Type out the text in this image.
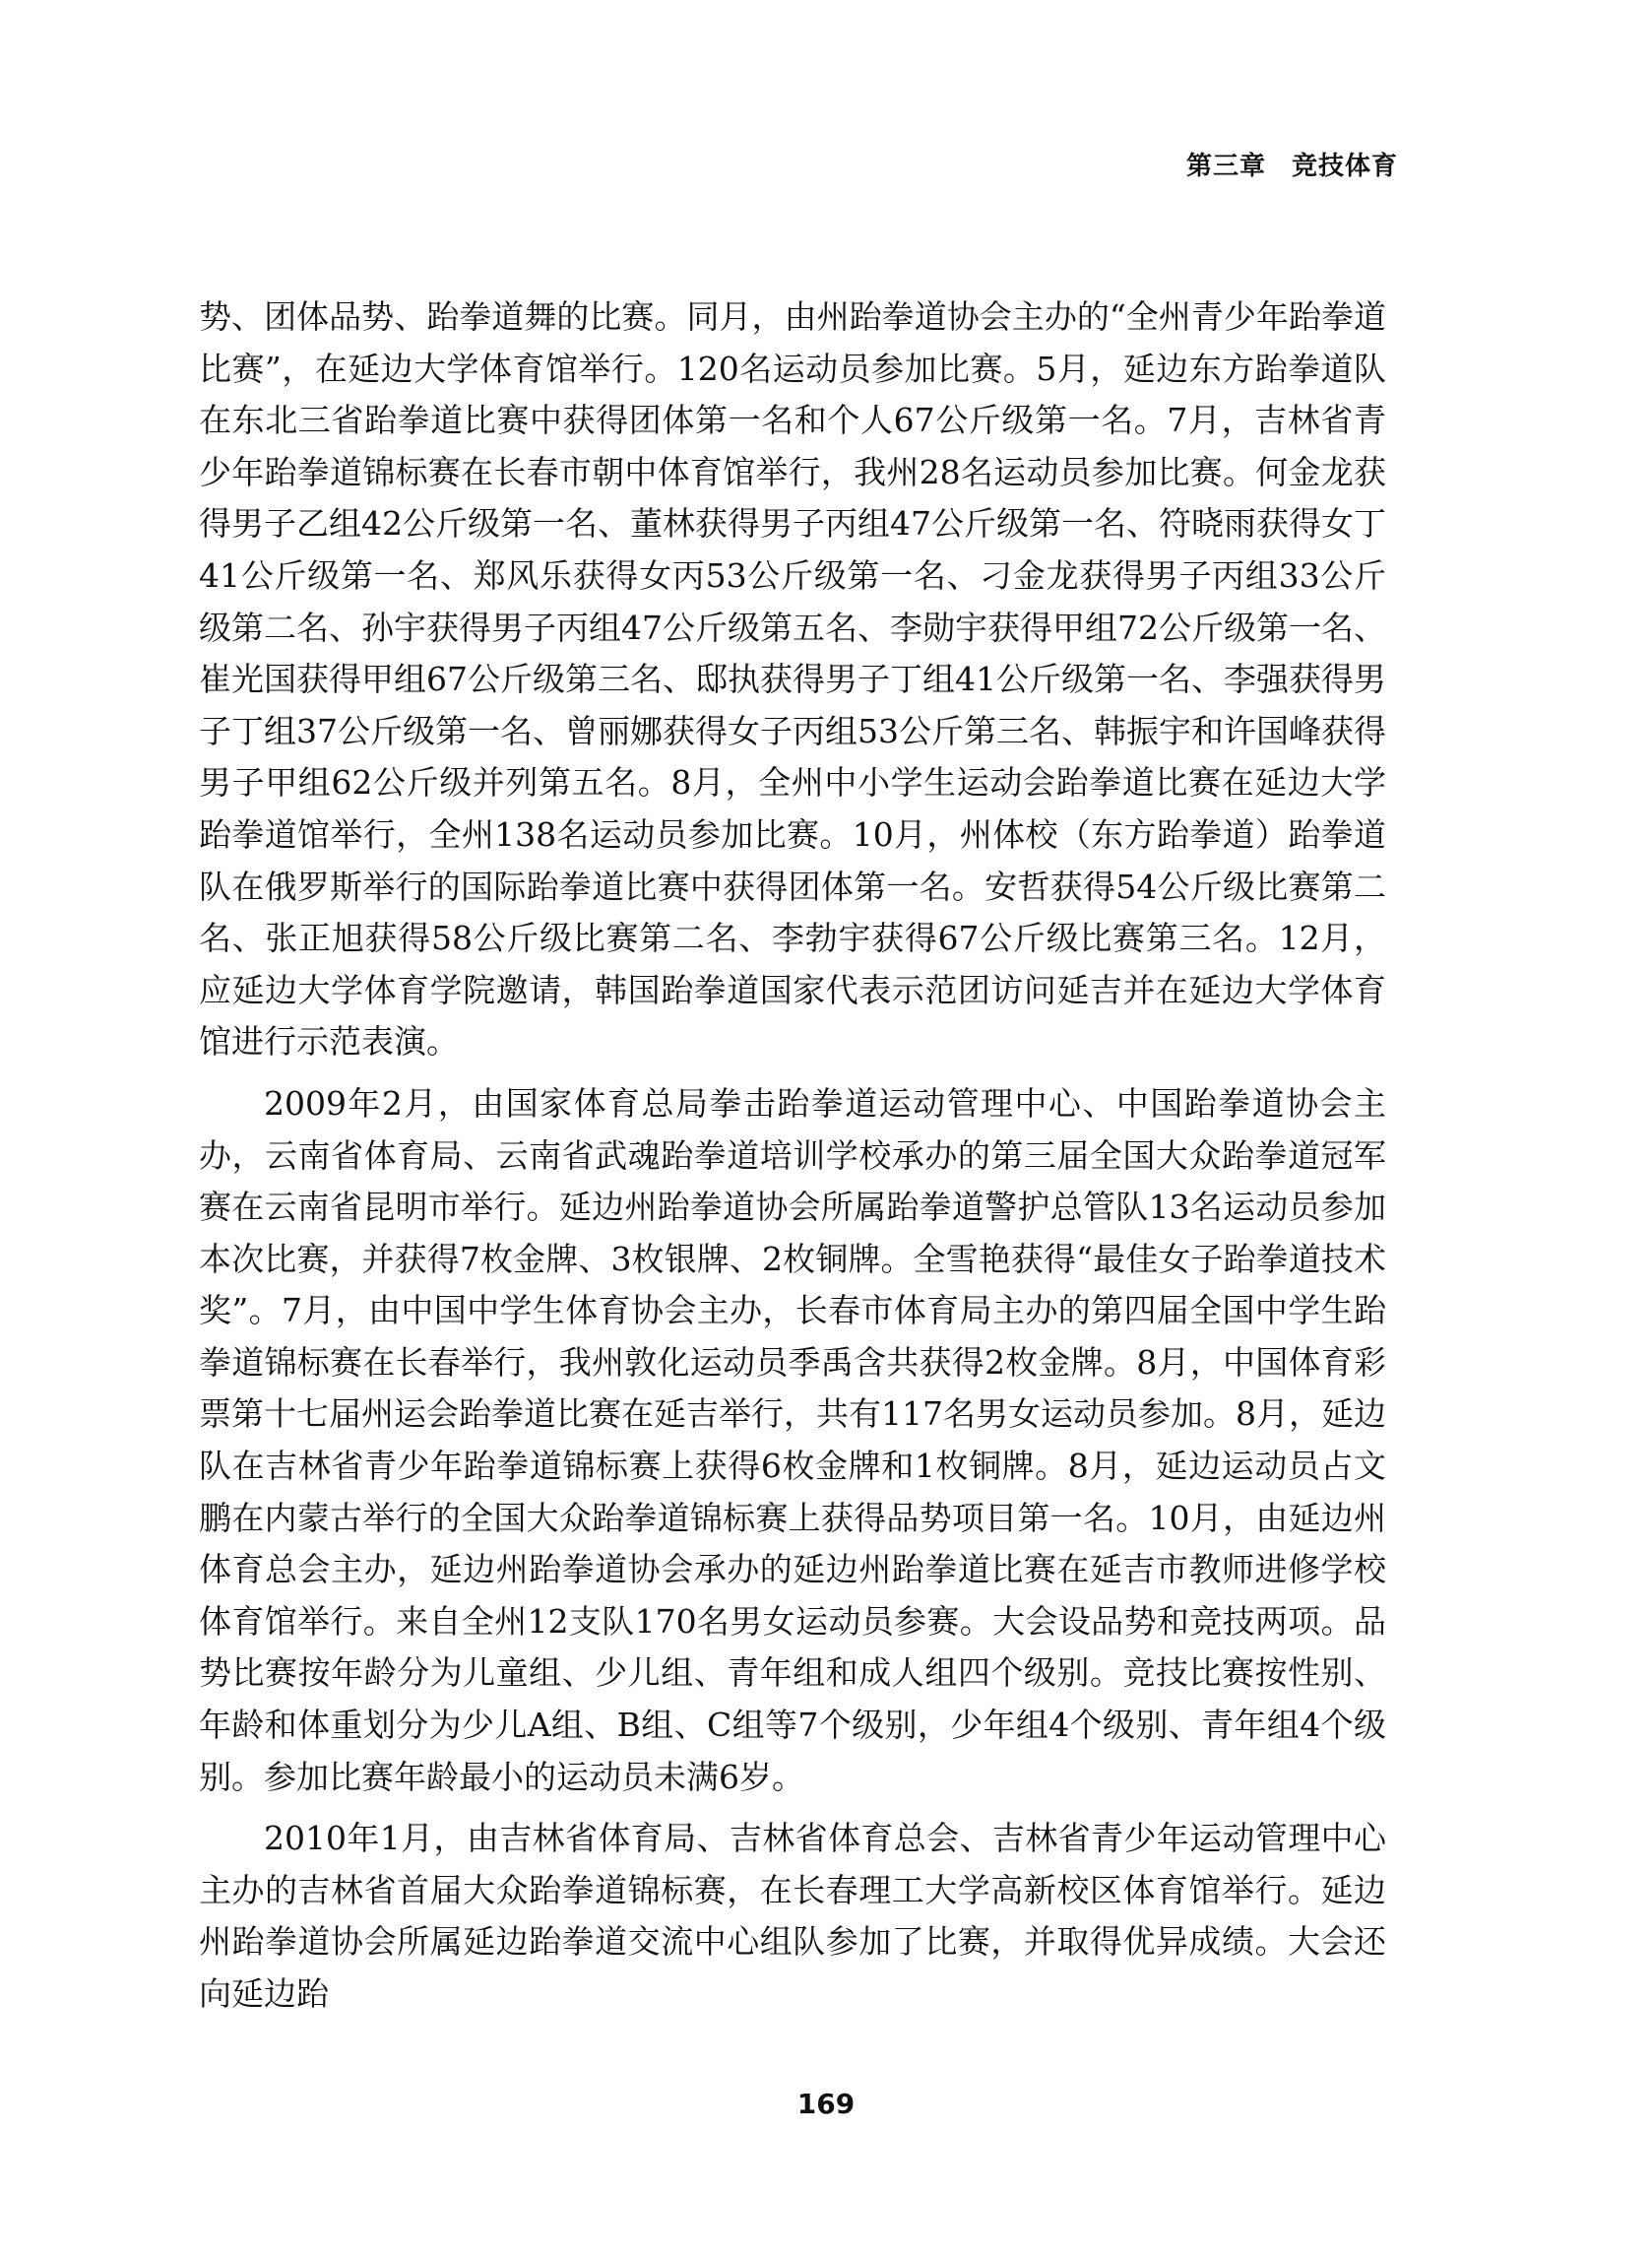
第三章 竞技体育

势、团体品势、跆拳道舞的比赛。同月，由州跆拳道协会主办的“全州青少年跆拳道比赛”，在延边大学体育馆举行。120名运动员参加比赛。5月，延边东方跆拳道队在东北三省跆拳道比赛中获得团体第一名和个人67公斤级第一名。7月，吉林省青少年跆拳道锦标赛在长春市朝中体育馆举行，我州28名运动员参加比赛。何金龙获得男子乙组42公斤级第一名、董林获得男子丙组47公斤级第一名、符晓雨获得女丁41公斤级第一名、郑风乐获得女丙53公斤级第一名、刁金龙获得男子丙组33公斤级第二名、孙宇获得男子丙组47公斤级第五名、李勋宇获得甲组72公斤级第一名、崔光国获得甲组67公斤级第三名、邸执获得男子丁组41公斤级第一名、李强获得男子丁组37公斤级第一名、曾丽娜获得女子丙组53公斤第三名、韩振宇和许国峰获得男子甲组62公斤级并列第五名。8月，全州中小学生运动会跆拳道比赛在延边大学跆拳道馆举行，全州138名运动员参加比赛。10月，州体校（东方跆拳道）跆拳道队在俄罗斯举行的国际跆拳道比赛中获得团体第一名。安哲获得54公斤级比赛第二名、张正旭获得58公斤级比赛第二名、李勃宇获得67公斤级比赛第三名。12月，应延边大学体育学院邀请，韩国跆拳道国家代表示范团访问延吉并在延边大学体育馆进行示范表演。

2009年2月，由国家体育总局拳击跆拳道运动管理中心、中国跆拳道协会主办，云南省体育局、云南省武魂跆拳道培训学校承办的第三届全国大众跆拳道冠军赛在云南省昆明市举行。延边州跆拳道协会所属跆拳道警护总管队13名运动员参加本次比赛，并获得7枚金牌、3枚银牌、2枚铜牌。全雪艳获得“最佳女子跆拳道技术奖”。7月，由中国中学生体育协会主办，长春市体育局主办的第四届全国中学生跆拳道锦标赛在长春举行，我州敦化运动员季禹含共获得2枚金牌。8月，中国体育彩票第十七届州运会跆拳道比赛在延吉举行，共有117名男女运动员参加。8月，延边队在吉林省青少年跆拳道锦标赛上获得6枚金牌和1枚铜牌。8月，延边运动员占文鹏在内蒙古举行的全国大众跆拳道锦标赛上获得品势项目第一名。10月，由延边州体育总会主办，延边州跆拳道协会承办的延边州跆拳道比赛在延吉市教师进修学校体育馆举行。来自全州12支队170名男女运动员参赛。大会设品势和竞技两项。品势比赛按年龄分为儿童组、少儿组、青年组和成人组四个级别。竞技比赛按性别、年龄和体重划分为少儿A组、B组、C组等7个级别，少年组4个级别、青年组4个级别。参加比赛年龄最小的运动员未满6岁。

2010年1月，由吉林省体育局、吉林省体育总会、吉林省青少年运动管理中心主办的吉林省首届大众跆拳道锦标赛，在长春理工大学高新校区体育馆举行。延边州跆拳道协会所属延边跆拳道交流中心组队参加了比赛，并取得优异成绩。大会还向延边跆

169
